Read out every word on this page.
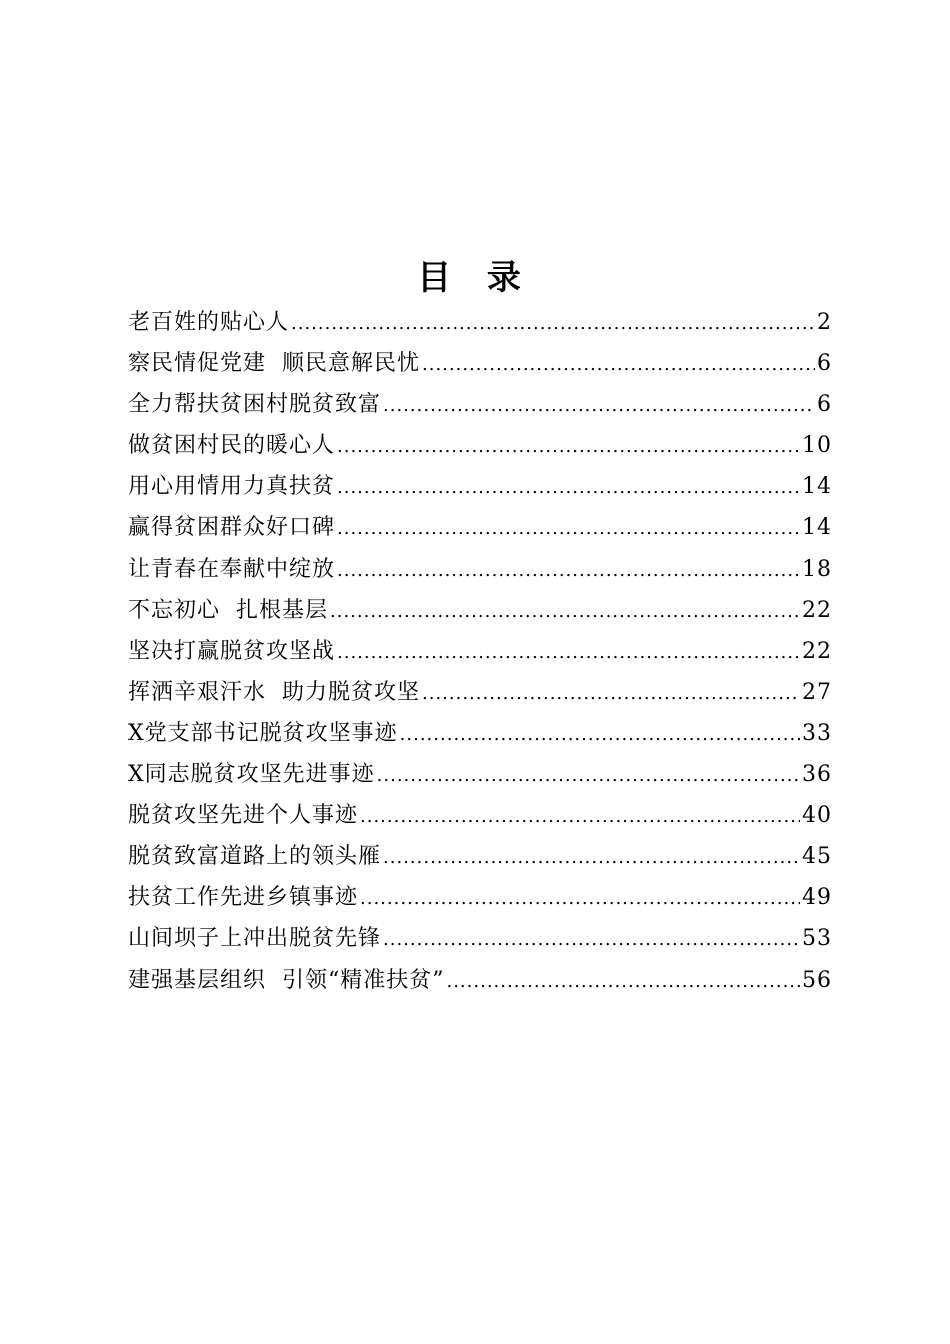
目 录
老百姓的贴心人 .....	2
察民情促党建  顺民意解民忧 .....	6
全力帮扶贫困村脱贫致富 .....	6
做贫困村民的暖心人 .....	10
用心用情用力真扶贫 .....	14
赢得贫困群众好口碑 .....	14
让青春在奉献中绽放 .....	18
不忘初心  扎根基层 .....	22
坚决打赢脱贫攻坚战 .....	22
挥洒辛艰汗水  助力脱贫攻坚 .....	27
X党支部书记脱贫攻坚事迹 .....	33
X同志脱贫攻坚先进事迹 .....	36
脱贫攻坚先进个人事迹 .....	40
脱贫致富道路上的领头雁 .....	45
扶贫工作先进乡镇事迹 .....	49
山间坝子上冲出脱贫先锋 .....	53
建强基层组织  引领“精准扶贫” .....	56
